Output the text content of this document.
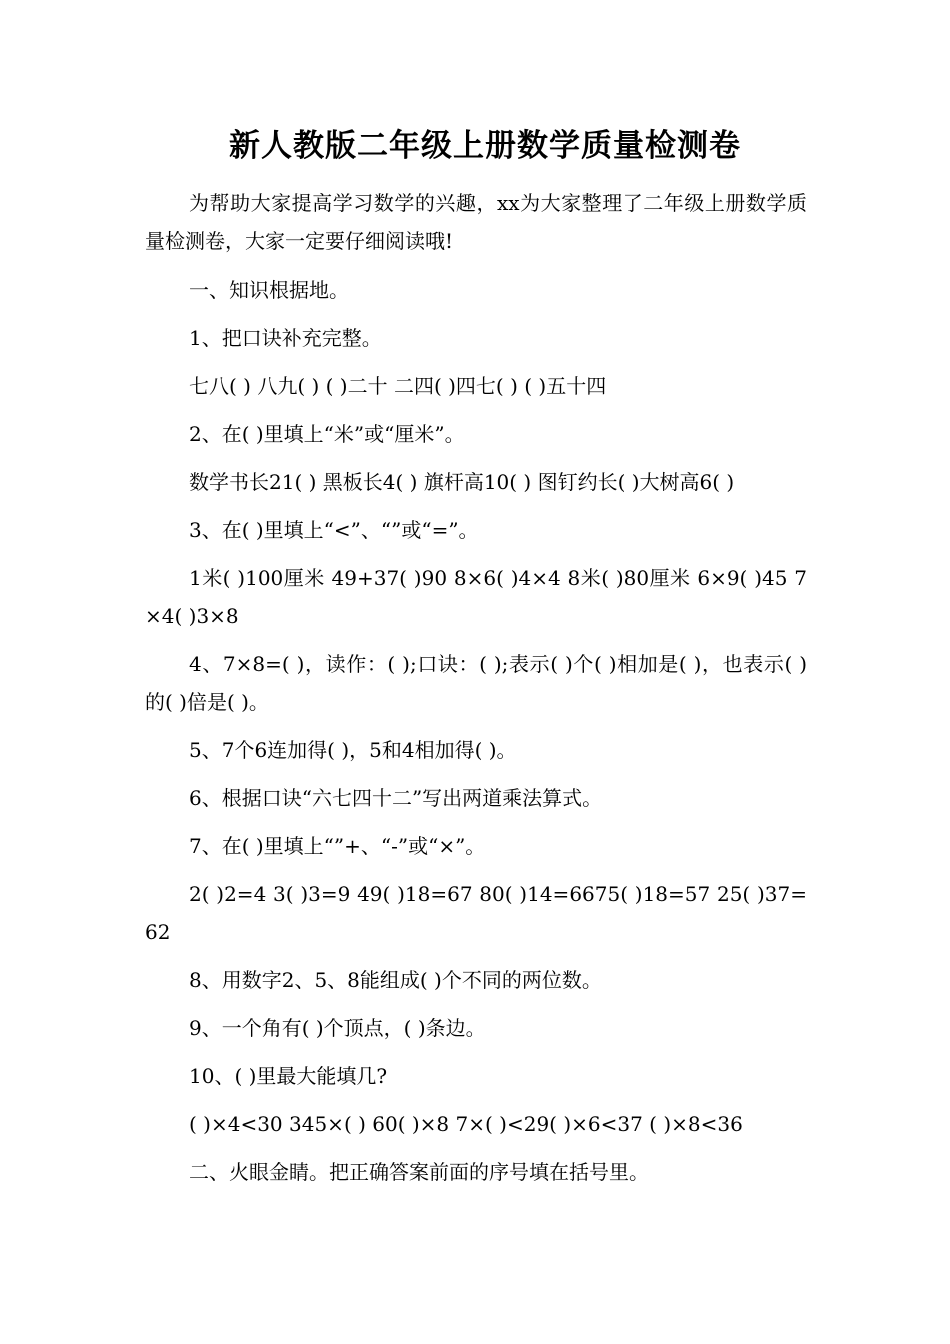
新人教版二年级上册数学质量检测卷

为帮助大家提高学习数学的兴趣，xx为大家整理了二年级上册数学质量检测卷，大家一定要仔细阅读哦!

一、知识根据地。

1、把口诀补充完整。

七八( ) 八九( ) ( )二十 二四( )四七( ) ( )五十四

2、在( )里填上“米”或“厘米”。

数学书长21( ) 黑板长4( ) 旗杆高10( ) 图钉约长( )大树高6( )

3、在( )里填上“<”、“”或“=”。

1米( )100厘米 49+37( )90 8×6( )4×4 8米( )80厘米 6×9( )45 7×4( )3×8

4、7×8=( )，读作：( );口诀：( );表示( )个( )相加是( )，也表示( )的( )倍是( )。

5、7个6连加得( )，5和4相加得( )。

6、根据口诀“六七四十二”写出两道乘法算式。

7、在( )里填上“”+、“-”或“×”。

2( )2=4 3( )3=9 49( )18=67 80( )14=6675( )18=57 25( )37=62

8、用数字2、5、8能组成( )个不同的两位数。

9、一个角有( )个顶点，( )条边。

10、( )里最大能填几?

( )×4<30 345×( ) 60( )×8 7×( )<29( )×6<37 ( )×8<36

二、火眼金睛。把正确答案前面的序号填在括号里。
